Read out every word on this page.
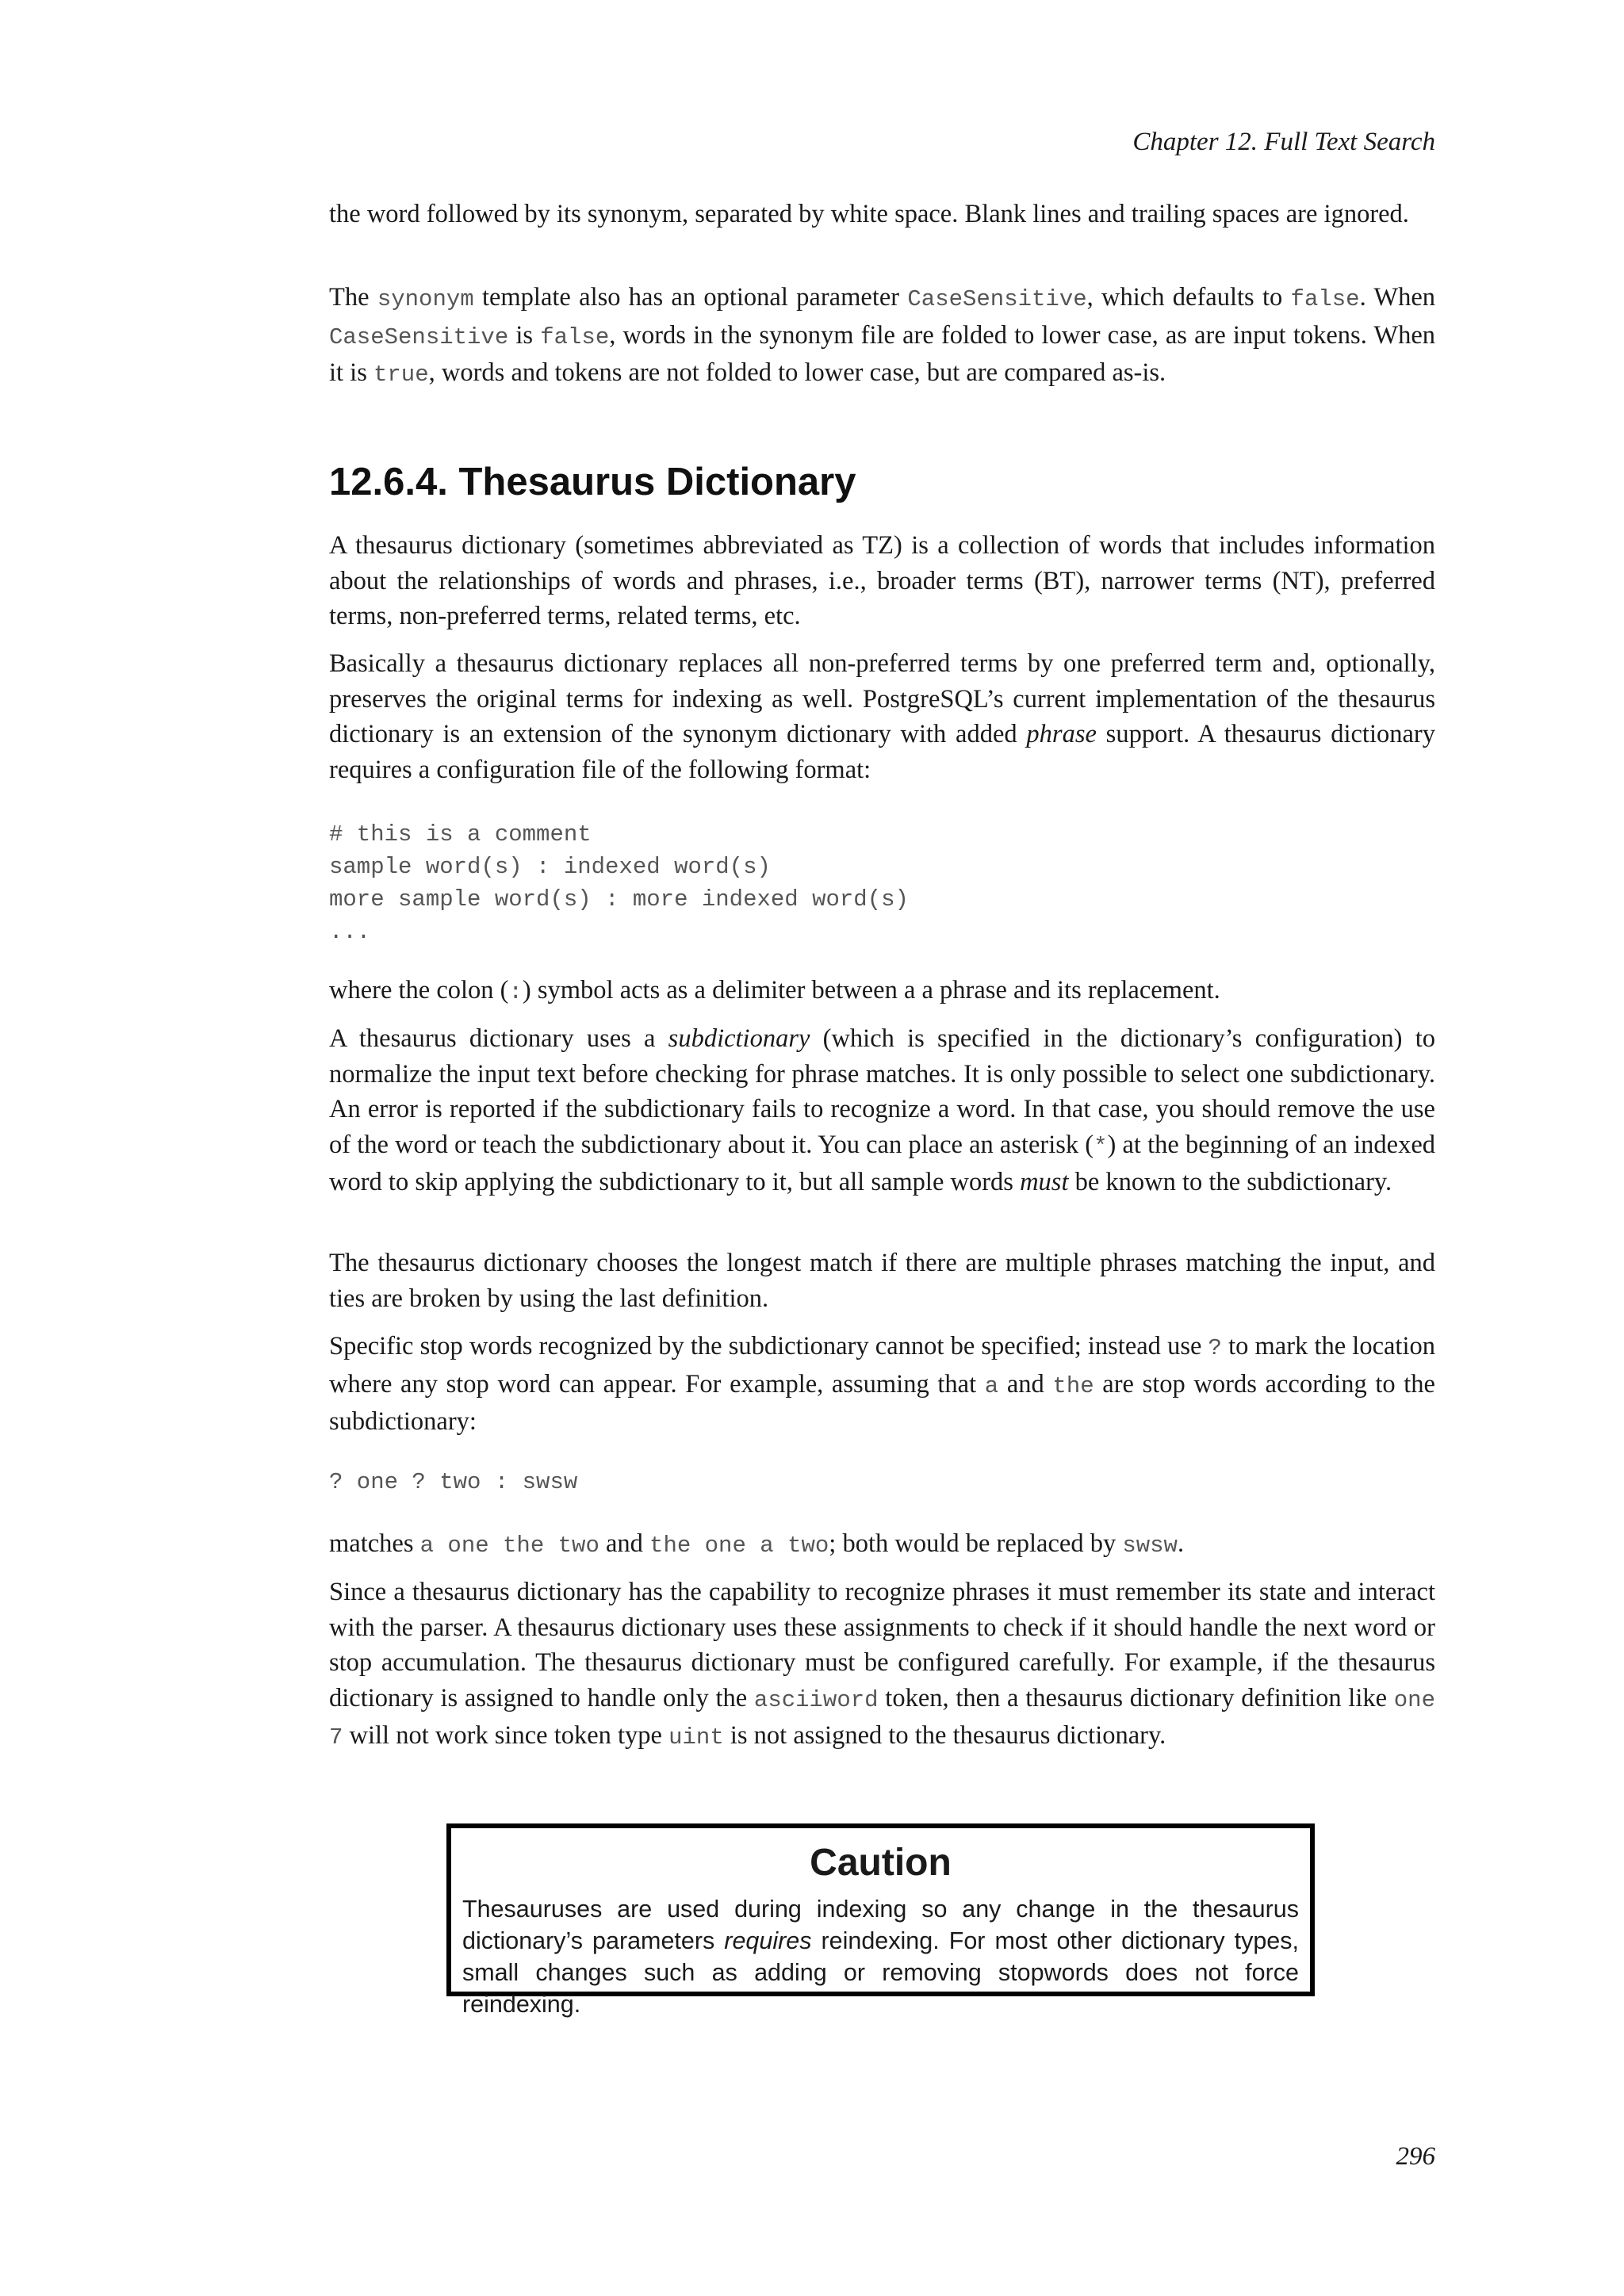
Chapter 12. Full Text Search

the word followed by its synonym, separated by white space. Blank lines and trailing spaces are ignored.

The synonym template also has an optional parameter CaseSensitive, which defaults to false. When CaseSensitive is false, words in the synonym file are folded to lower case, as are input tokens. When it is true, words and tokens are not folded to lower case, but are compared as-is.

12.6.4. Thesaurus Dictionary

A thesaurus dictionary (sometimes abbreviated as TZ) is a collection of words that includes information about the relationships of words and phrases, i.e., broader terms (BT), narrower terms (NT), preferred terms, non-preferred terms, related terms, etc.

Basically a thesaurus dictionary replaces all non-preferred terms by one preferred term and, optionally, preserves the original terms for indexing as well. PostgreSQL’s current implementation of the thesaurus dictionary is an extension of the synonym dictionary with added phrase support. A thesaurus dictionary requires a configuration file of the following format:

# this is a comment
sample word(s) : indexed word(s)
more sample word(s) : more indexed word(s)
...

where the colon (:) symbol acts as a delimiter between a a phrase and its replacement.

A thesaurus dictionary uses a subdictionary (which is specified in the dictionary’s configuration) to normalize the input text before checking for phrase matches. It is only possible to select one subdictionary. An error is reported if the subdictionary fails to recognize a word. In that case, you should remove the use of the word or teach the subdictionary about it. You can place an asterisk (*) at the beginning of an indexed word to skip applying the subdictionary to it, but all sample words must be known to the subdictionary.

The thesaurus dictionary chooses the longest match if there are multiple phrases matching the input, and ties are broken by using the last definition.

Specific stop words recognized by the subdictionary cannot be specified; instead use ? to mark the location where any stop word can appear. For example, assuming that a and the are stop words according to the subdictionary:

? one ? two : swsw

matches a one the two and the one a two; both would be replaced by swsw.

Since a thesaurus dictionary has the capability to recognize phrases it must remember its state and interact with the parser. A thesaurus dictionary uses these assignments to check if it should handle the next word or stop accumulation. The thesaurus dictionary must be configured carefully. For example, if the thesaurus dictionary is assigned to handle only the asciiword token, then a thesaurus dictionary definition like one 7 will not work since token type uint is not assigned to the thesaurus dictionary.

Caution
Thesauruses are used during indexing so any change in the thesaurus dictionary’s parameters requires reindexing. For most other dictionary types, small changes such as adding or removing stopwords does not force reindexing.
296
